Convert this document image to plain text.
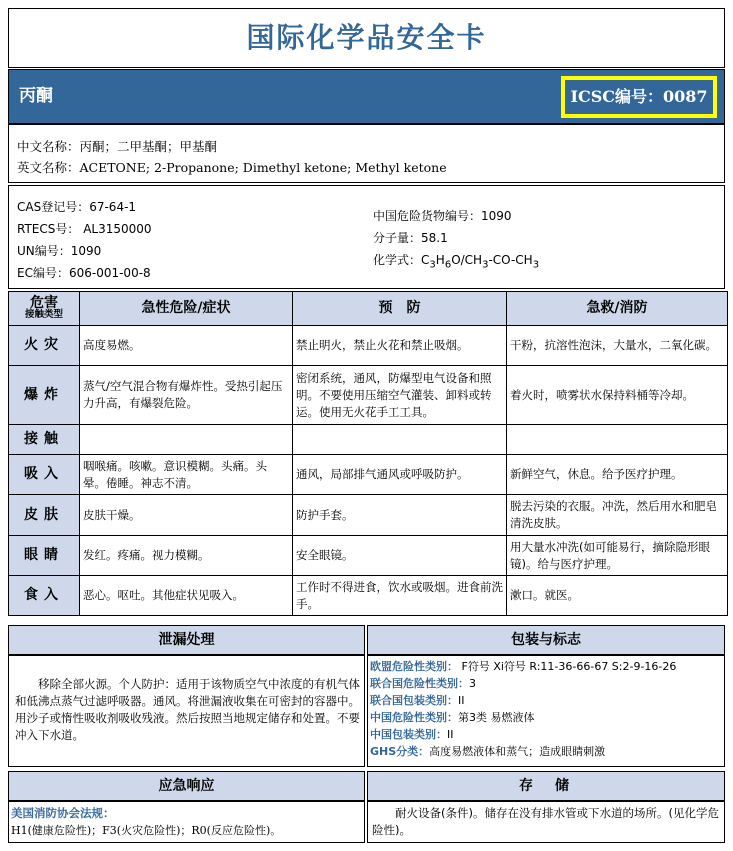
国际化学品安全卡
丙酮	ICSC编号：0087
中文名称：丙酮；二甲基酮；甲基酮
英文名称：ACETONE; 2-Propanone; Dimethyl ketone; Methyl ketone
CAS登记号：67-64-1
RTECS号： AL3150000
UN编号：1090
EC编号：606-001-00-8
中国危险货物编号：1090
分子量：58.1
化学式：$C_3H_6O/CH_3-CO-CH_3$
危害
接触类型	急性危险/症状	预　防	急救/消防
火灾	高度易燃。	禁止明火，禁止火花和禁止吸烟。	干粉，抗溶性泡沫，大量水，二氧化碳。
爆炸	蒸气/空气混合物有爆炸性。受热引起压力升高，有爆裂危险。	密闭系统，通风，防爆型电气设备和照明。不要使用压缩空气灌装、卸料或转运。使用无火花手工工具。	着火时，喷雾状水保持料桶等冷却。
接触			
吸入	咽喉痛。咳嗽。意识模糊。头痛。头晕。倦睡。神志不清。	通风，局部排气通风或呼吸防护。	新鲜空气，休息。给予医疗护理。
皮肤	皮肤干燥。	防护手套。	脱去污染的衣服。冲洗，然后用水和肥皂清洗皮肤。
眼睛	发红。疼痛。视力模糊。	安全眼镜。	用大量水冲洗(如可能易行，摘除隐形眼镜)。给与医疗护理。
食入	恶心。呕吐。其他症状见吸入。	工作时不得进食，饮水或吸烟。进食前洗手。	漱口。就医。
泄漏处理
　　移除全部火源。个人防护：适用于该物质空气中浓度的有机气体和低沸点蒸气过滤呼吸器。通风。将泄漏液收集在可密封的容器中。用沙子或惰性吸收剂吸收残液。然后按照当地规定储存和处置。不要冲入下水道。
包装与标志
欧盟危险性类别： F符号 Xi符号 R:11-36-66-67 S:2-9-16-26
联合国危险性类别：3
联合国包装类别：II
中国危险性类别：第3类 易燃液体
中国包装类别：II
GHS分类：高度易燃液体和蒸气；造成眼睛刺激
应急响应
美国消防协会法规：
H1(健康危险性)；F3(火灾危险性)；R0(反应危险性)。
存　储
　　耐火设备(条件)。储存在没有排水管或下水道的场所。(见化学危险性)。
